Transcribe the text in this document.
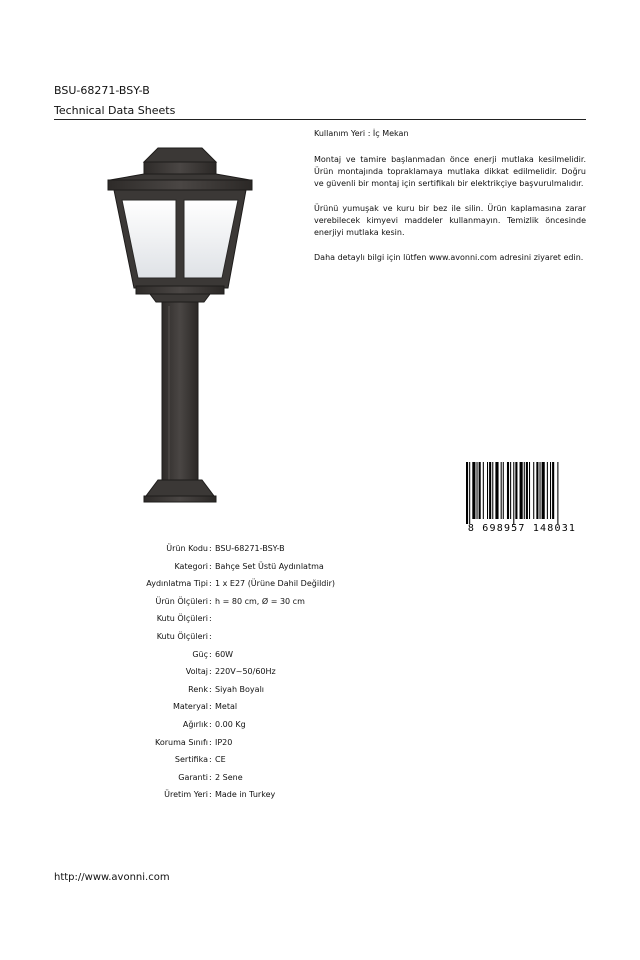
BSU-68271-BSY-B
Technical Data Sheets

Kullanım Yeri : İç Mekan

Montaj ve tamire başlanmadan önce enerji mutlaka kesilmelidir. Ürün montajında topraklamaya mutlaka dikkat edilmelidir. Doğru ve güvenli bir montaj için sertifikalı bir elektrikçiye başvurulmalıdır.

Ürünü yumuşak ve kuru bir bez ile silin. Ürün kaplamasına zarar verebilecek kimyevi maddeler kullanmayın. Temizlik öncesinde enerjiyi mutlaka kesin.

Daha detaylı bilgi için lütfen www.avonni.com adresini ziyaret edin.

8 698957 148031
Ürün Kodu : BSU-68271-BSY-B
Kategori : Bahçe Set Üstü Aydınlatma
Aydınlatma Tipi : 1 x E27 (Ürüne Dahil Değildir)
Ürün Ölçüleri : h = 80 cm, Ø = 30 cm
Kutu Ölçüleri :
Kutu Ölçüleri :
Güç : 60W
Voltaj : 220V~50/60Hz
Renk : Siyah Boyalı
Materyal : Metal
Ağırlık : 0.00 Kg
Koruma Sınıfı : IP20
Sertifika : CE
Garanti : 2 Sene
Üretim Yeri : Made in Turkey
http://www.avonni.com
